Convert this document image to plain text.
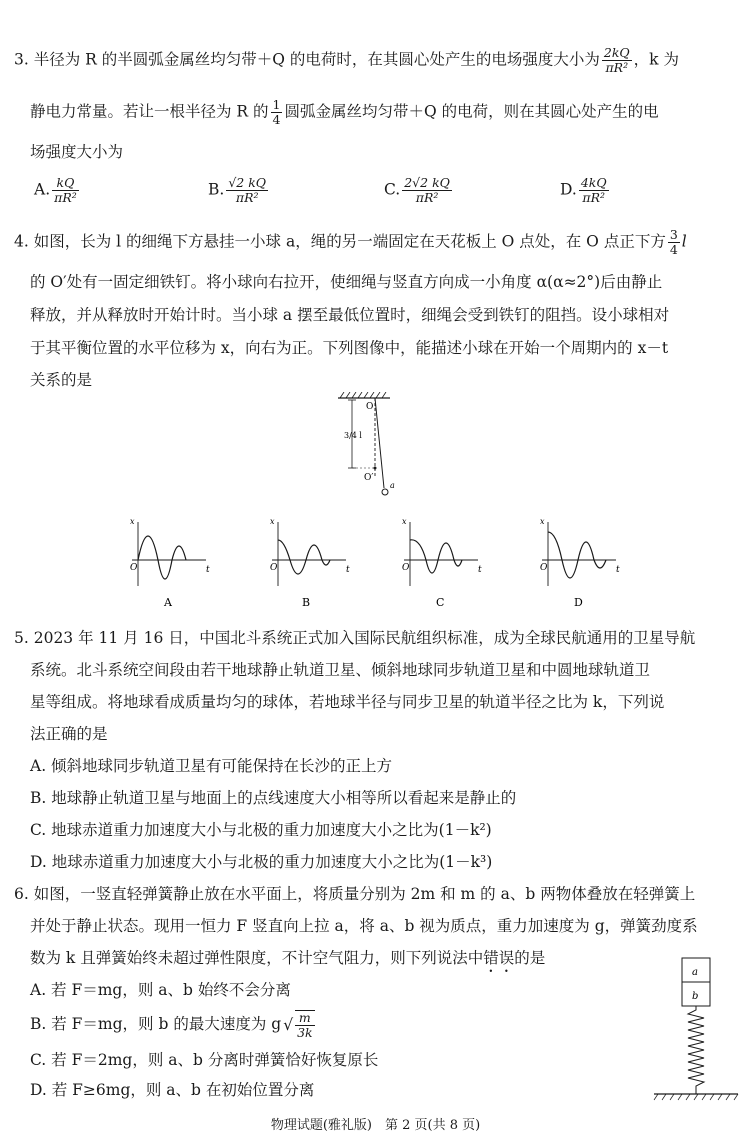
3. 半径为 R 的半圆弧金属丝均匀带＋Q 的电荷时，在其圆心处产生的电场强度大小为 $\frac{2kQ}{\text{πR²}}$ ，k 为
静电力常量。若让一根半径为 R 的 $\frac{1}{4}$ 圆弧金属丝均匀带＋Q 的电荷，则在其圆心处产生的电
场强度大小为
A. $\frac{kQ}{\text{πR²}}$	B. $\frac{√2 kQ}{\text{πR²}}$	C. $\frac{2√2 kQ}{\text{πR²}}$	D. $\frac{4kQ}{\text{πR²}}$
4. 如图，长为 l 的细绳下方悬挂一小球 a，绳的另一端固定在天花板上 O 点处，在 O 点正下方 $\frac{3}{4}$ l
的 O′处有一固定细铁钉。将小球向右拉开，使细绳与竖直方向成一小角度 α(α≈2°)后由静止
释放，并从释放时开始计时。当小球 a 摆至最低位置时，细绳会受到铁钉的阻挡。设小球相对
于其平衡位置的水平位移为 x，向右为正。下列图像中，能描述小球在开始一个周期内的 x－t
关系的是
O
3/4 l
O′
a
x
t
O
A
x
t
O
B
x
t
O
C
x
t
O
D
5. 2023 年 11 月 16 日，中国北斗系统正式加入国际民航组织标准，成为全球民航通用的卫星导航
系统。北斗系统空间段由若干地球静止轨道卫星、倾斜地球同步轨道卫星和中圆地球轨道卫
星等组成。将地球看成质量均匀的球体，若地球半径与同步卫星的轨道半径之比为 k，下列说
法正确的是
A. 倾斜地球同步轨道卫星有可能保持在长沙的正上方
B. 地球静止轨道卫星与地面上的点线速度大小相等所以看起来是静止的
C. 地球赤道重力加速度大小与北极的重力加速度大小之比为(1－k²)
D. 地球赤道重力加速度大小与北极的重力加速度大小之比为(1－k³)
6. 如图，一竖直轻弹簧静止放在水平面上，将质量分别为 2m 和 m 的 a、b 两物体叠放在轻弹簧上
并处于静止状态。现用一恒力 F 竖直向上拉 a，将 a、b 视为质点，重力加速度为 g，弹簧劲度系
数为 k 且弹簧始终未超过弹性限度，不计空气阻力，则下列说法中错误的是
A. 若 F＝mg，则 a、b 始终不会分离
B. 若 F＝mg，则 b 的最大速度为 g √ $\frac{m}{3k}$
C. 若 F＝2mg，则 a、b 分离时弹簧恰好恢复原长
D. 若 F≥6mg，则 a、b 在初始位置分离
a
b
物理试题(雅礼版)　第 2 页(共 8 页)
